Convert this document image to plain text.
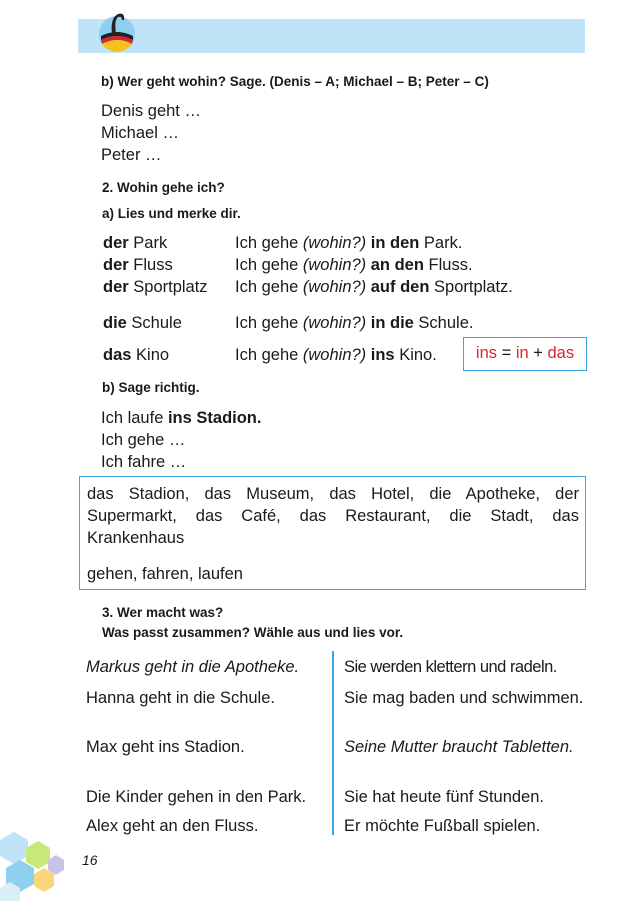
b) Wer geht wohin? Sage. (Denis – A; Michael – B; Peter – C)
Denis geht …
Michael …
Peter …
2. Wohin gehe ich?
a) Lies und merke dir.
der Park	Ich gehe (wohin?) in den Park.
der Fluss	Ich gehe (wohin?) an den Fluss.
der Sportplatz Ich gehe (wohin?) auf den Sportplatz.
die Schule	Ich gehe (wohin?) in die Schule.
das Kino	Ich gehe (wohin?) ins Kino.	ins = in + das
b) Sage richtig.
Ich laufe ins Stadion.
Ich gehe …
Ich fahre …
das Stadion, das Museum, das Hotel, die Apotheke, der Supermarkt, das Café, das Restaurant, die Stadt, das Krankenhaus
gehen, fahren, laufen
3. Wer macht was?
Was passt zusammen? Wähle aus und lies vor.
Markus geht in die Apotheke.
Hanna geht in die Schule.
Max geht ins Stadion.
Die Kinder gehen in den Park.
Alex geht an den Fluss.
Sie werden klettern und radeln.
Sie mag baden und schwimmen.
Seine Mutter braucht Tabletten.
Sie hat heute fünf Stunden.
Er möchte Fußball spielen.
16
